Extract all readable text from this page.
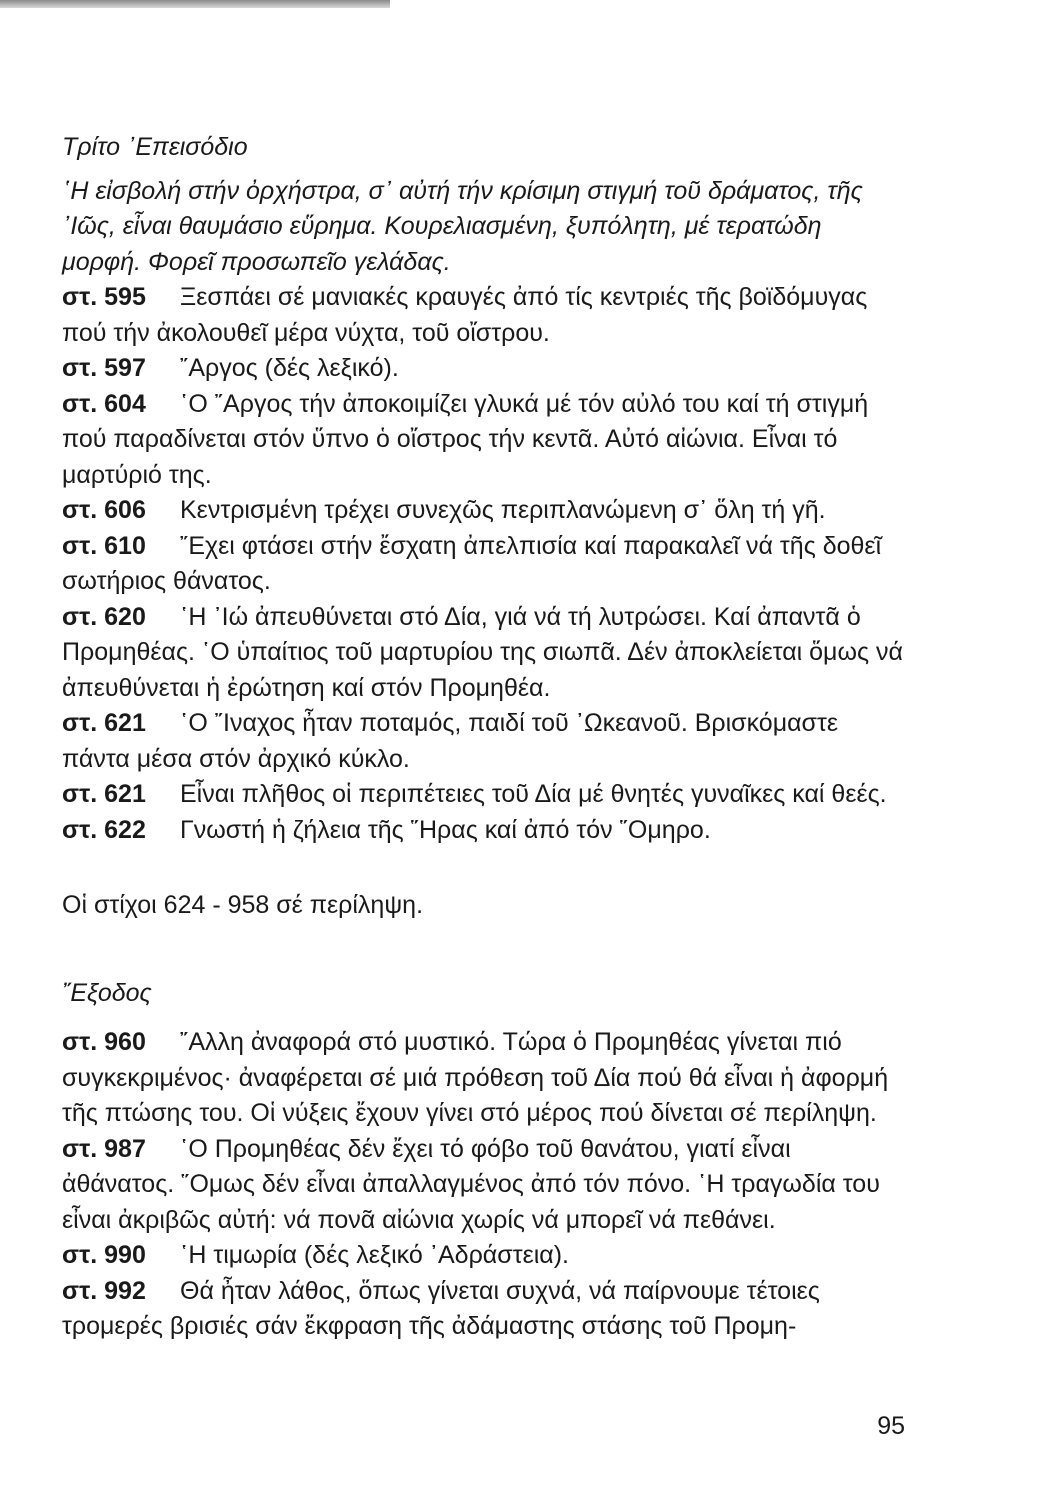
Τρίτο ᾿Επεισόδιο

῾Η εἰσβολή στήν ὀρχήστρα, σ᾿ αὐτή τήν κρίσιμη στιγμή τοῦ δράματος, τῆς ᾿Ιῶς, εἶναι θαυμάσιο εὕρημα. Κουρελιασμένη, ξυπόλητη, μέ τερατώδη μορφή. Φορεῖ προσωπεῖο γελάδας.

στ. 595 Ξεσπάει σέ μανιακές κραυγές ἀπό τίς κεντριές τῆς βοϊδόμυγας πού τήν ἀκολουθεῖ μέρα νύχτα, τοῦ οἴστρου.

στ. 597 ῎Αργος (δές λεξικό).

στ. 604 ῾Ο ῎Αργος τήν ἀποκοιμίζει γλυκά μέ τόν αὐλό του καί τή στιγμή πού παραδίνεται στόν ὕπνο ὁ οἴστρος τήν κεντᾶ. Αὐτό αἰώνια. Εἶναι τό μαρτύριό της.

στ. 606 Κεντρισμένη τρέχει συνεχῶς περιπλανώμενη σ᾿ ὅλη τή γῆ.

στ. 610 ῎Εχει φτάσει στήν ἔσχατη ἀπελπισία καί παρακαλεῖ νά τῆς δοθεῖ σωτήριος θάνατος.

στ. 620 ῾Η ᾿Ιώ ἀπευθύνεται στό Δία, γιά νά τή λυτρώσει. Καί ἀπαντᾶ ὁ Προμηθέας. ῾Ο ὑπαίτιος τοῦ μαρτυρίου της σιωπᾶ. Δέν ἀποκλείεται ὅμως νά ἀπευθύνεται ἡ ἐρώτηση καί στόν Προμηθέα.

στ. 621 ῾Ο ῎Ιναχος ἦταν ποταμός, παιδί τοῦ ᾿Ωκεανοῦ. Βρισκόμαστε πάντα μέσα στόν ἀρχικό κύκλο.

στ. 621 Εἶναι πλῆθος οἱ περιπέτειες τοῦ Δία μέ θνητές γυναῖκες καί θεές.

στ. 622 Γνωστή ἡ ζήλεια τῆς ῞Ηρας καί ἀπό τόν ῞Ομηρο.

Οἱ στίχοι 624 - 958 σέ περίληψη.

῎Εξοδος

στ. 960 ῎Αλλη ἀναφορά στό μυστικό. Τώρα ὁ Προμηθέας γίνεται πιό συγκεκριμένος· ἀναφέρεται σέ μιά πρόθεση τοῦ Δία πού θά εἶναι ἡ ἀφορμή τῆς πτώσης του. Οἱ νύξεις ἔχουν γίνει στό μέρος πού δίνεται σέ περίληψη.

στ. 987 ῾Ο Προμηθέας δέν ἔχει τό φόβο τοῦ θανάτου, γιατί εἶναι ἀθάνατος. ῞Ομως δέν εἶναι ἀπαλλαγμένος ἀπό τόν πόνο. ῾Η τραγωδία του εἶναι ἀκριβῶς αὐτή: νά πονᾶ αἰώνια χωρίς νά μπορεῖ νά πεθάνει.

στ. 990 ῾Η τιμωρία (δές λεξικό ᾿Αδράστεια).

στ. 992 Θά ἦταν λάθος, ὅπως γίνεται συχνά, νά παίρνουμε τέτοιες τρομερές βρισιές σάν ἔκφραση τῆς ἀδάμαστης στάσης τοῦ Προμη-

95
